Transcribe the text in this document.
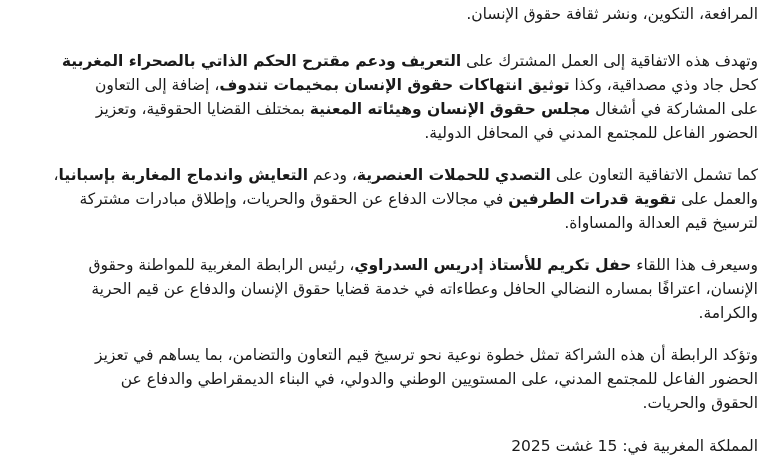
المرافعة، التكوين، ونشر ثقافة حقوق الإنسان.

وتهدف هذه الاتفاقية إلى العمل المشترك على التعريف ودعم مقترح الحكم الذاتي بالصحراء المغربية
كحل جاد وذي مصداقية، وكذا توثيق انتهاكات حقوق الإنسان بمخيمات تندوف، إضافة إلى التعاون
على المشاركة في أشغال مجلس حقوق الإنسان وهيئاته المعنية بمختلف القضايا الحقوقية، وتعزيز
الحضور الفاعل للمجتمع المدني في المحافل الدولية.

كما تشمل الاتفاقية التعاون على التصدي للحملات العنصرية، ودعم التعايش واندماج المغاربة بإسبانيا،
والعمل على تقوية قدرات الطرفين في مجالات الدفاع عن الحقوق والحريات، وإطلاق مبادرات مشتركة
لترسيخ قيم العدالة والمساواة.

وسيعرف هذا اللقاء حفل تكريم للأستاذ إدريس السدراوي، رئيس الرابطة المغربية للمواطنة وحقوق
الإنسان، اعترافًا بمساره النضالي الحافل وعطاءاته في خدمة قضايا حقوق الإنسان والدفاع عن قيم الحرية
والكرامة.

وتؤكد الرابطة أن هذه الشراكة تمثل خطوة نوعية نحو ترسيخ قيم التعاون والتضامن، بما يساهم في تعزيز
الحضور الفاعل للمجتمع المدني، على المستويين الوطني والدولي، في البناء الديمقراطي والدفاع عن
الحقوق والحريات.

المملكة المغربية في: 15 غشت 2025
